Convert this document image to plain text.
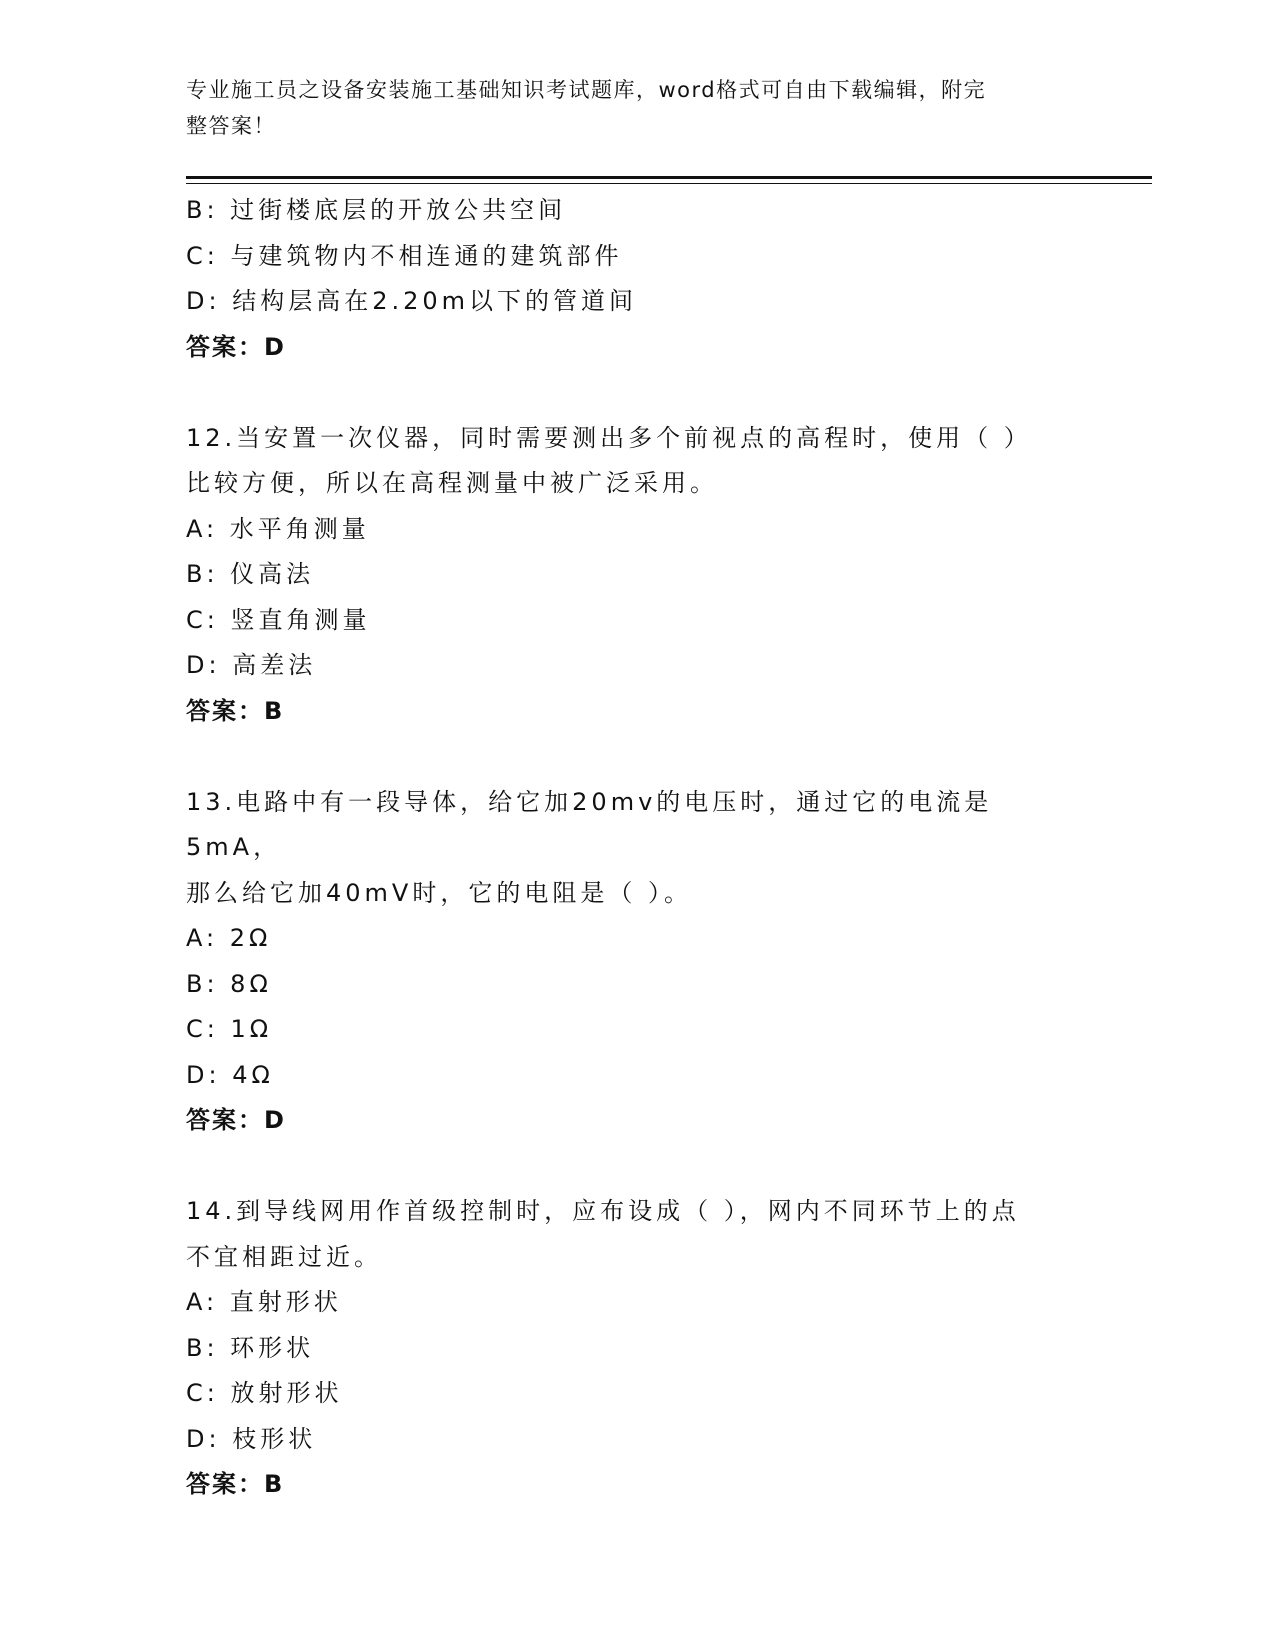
专业施工员之设备安装施工基础知识考试题库，word格式可自由下载编辑，附完
整答案！
B: 过街楼底层的开放公共空间
C: 与建筑物内不相连通的建筑部件
D: 结构层高在2.20m以下的管道间
答案：D
12.当安置一次仪器，同时需要测出多个前视点的高程时，使用（ ）
比较方便，所以在高程测量中被广泛采用。
A: 水平角测量
B: 仪高法
C: 竖直角测量
D: 高差法
答案：B
13.电路中有一段导体，给它加20mv的电压时，通过它的电流是5mA，
那么给它加40mV时，它的电阻是（ ）。
A: 2Ω
B: 8Ω
C: 1Ω
D: 4Ω
答案：D
14.到导线网用作首级控制时，应布设成（ ），网内不同环节上的点
不宜相距过近。
A: 直射形状
B: 环形状
C: 放射形状
D: 枝形状
答案：B
